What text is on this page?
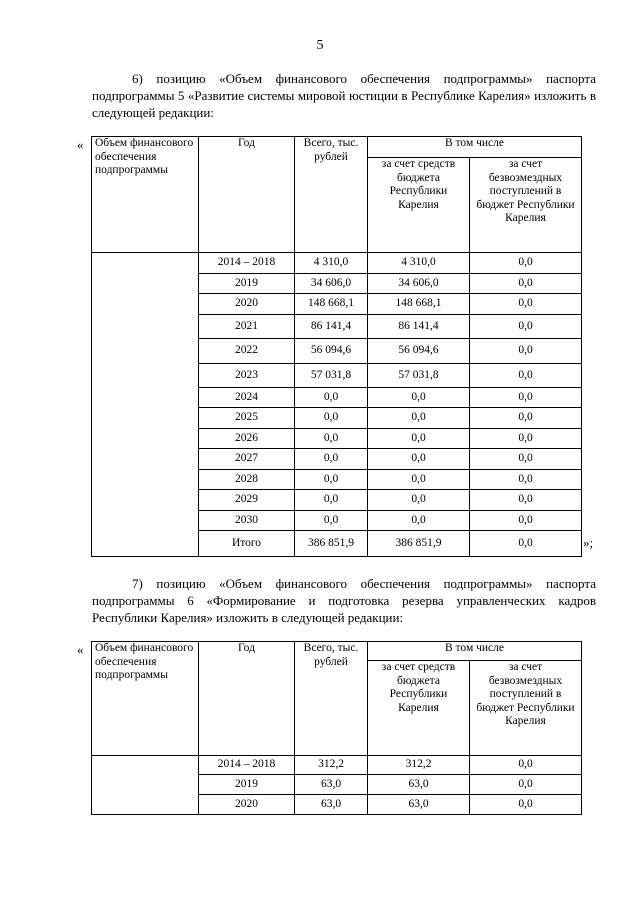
5
6) позицию «Объем финансового обеспечения подпрограммы» паспорта подпрограммы 5 «Развитие системы мировой юстиции в Республике Карелия» изложить в следующей редакции:
«
»;
Объем финансового обеспечения подпрограммы	Год	Всего, тыс. рублей	В том числе	
			за счет средств бюджета Республики Карелия	за счет безвозмездных поступлений в бюджет Республики Карелия
	2014 – 2018	4 310,0	4 310,0	0,0
	2019	34 606,0	34 606,0	0,0
	2020	148 668,1	148 668,1	0,0
	2021	86 141,4	86 141,4	0,0
	2022	56 094,6	56 094,6	0,0
	2023	57 031,8	57 031,8	0,0
	2024	0,0	0,0	0,0
	2025	0,0	0,0	0,0
	2026	0,0	0,0	0,0
	2027	0,0	0,0	0,0
	2028	0,0	0,0	0,0
	2029	0,0	0,0	0,0
	2030	0,0	0,0	0,0
	Итого	386 851,9	386 851,9	0,0
7) позицию «Объем финансового обеспечения подпрограммы» паспорта подпрограммы 6 «Формирование и подготовка резерва управленческих кадров Республики Карелия» изложить в следующей редакции:
« Объем финансового обеспечения подпрограммы	Год	Всего, тыс. рублей	В том числе	
			за счет средств бюджета Республики Карелия	за счет безвозмездных поступлений в бюджет Республики Карелия
	2014 – 2018	312,2	312,2	0,0
	2019	63,0	63,0	0,0
	2020	63,0	63,0	0,0
